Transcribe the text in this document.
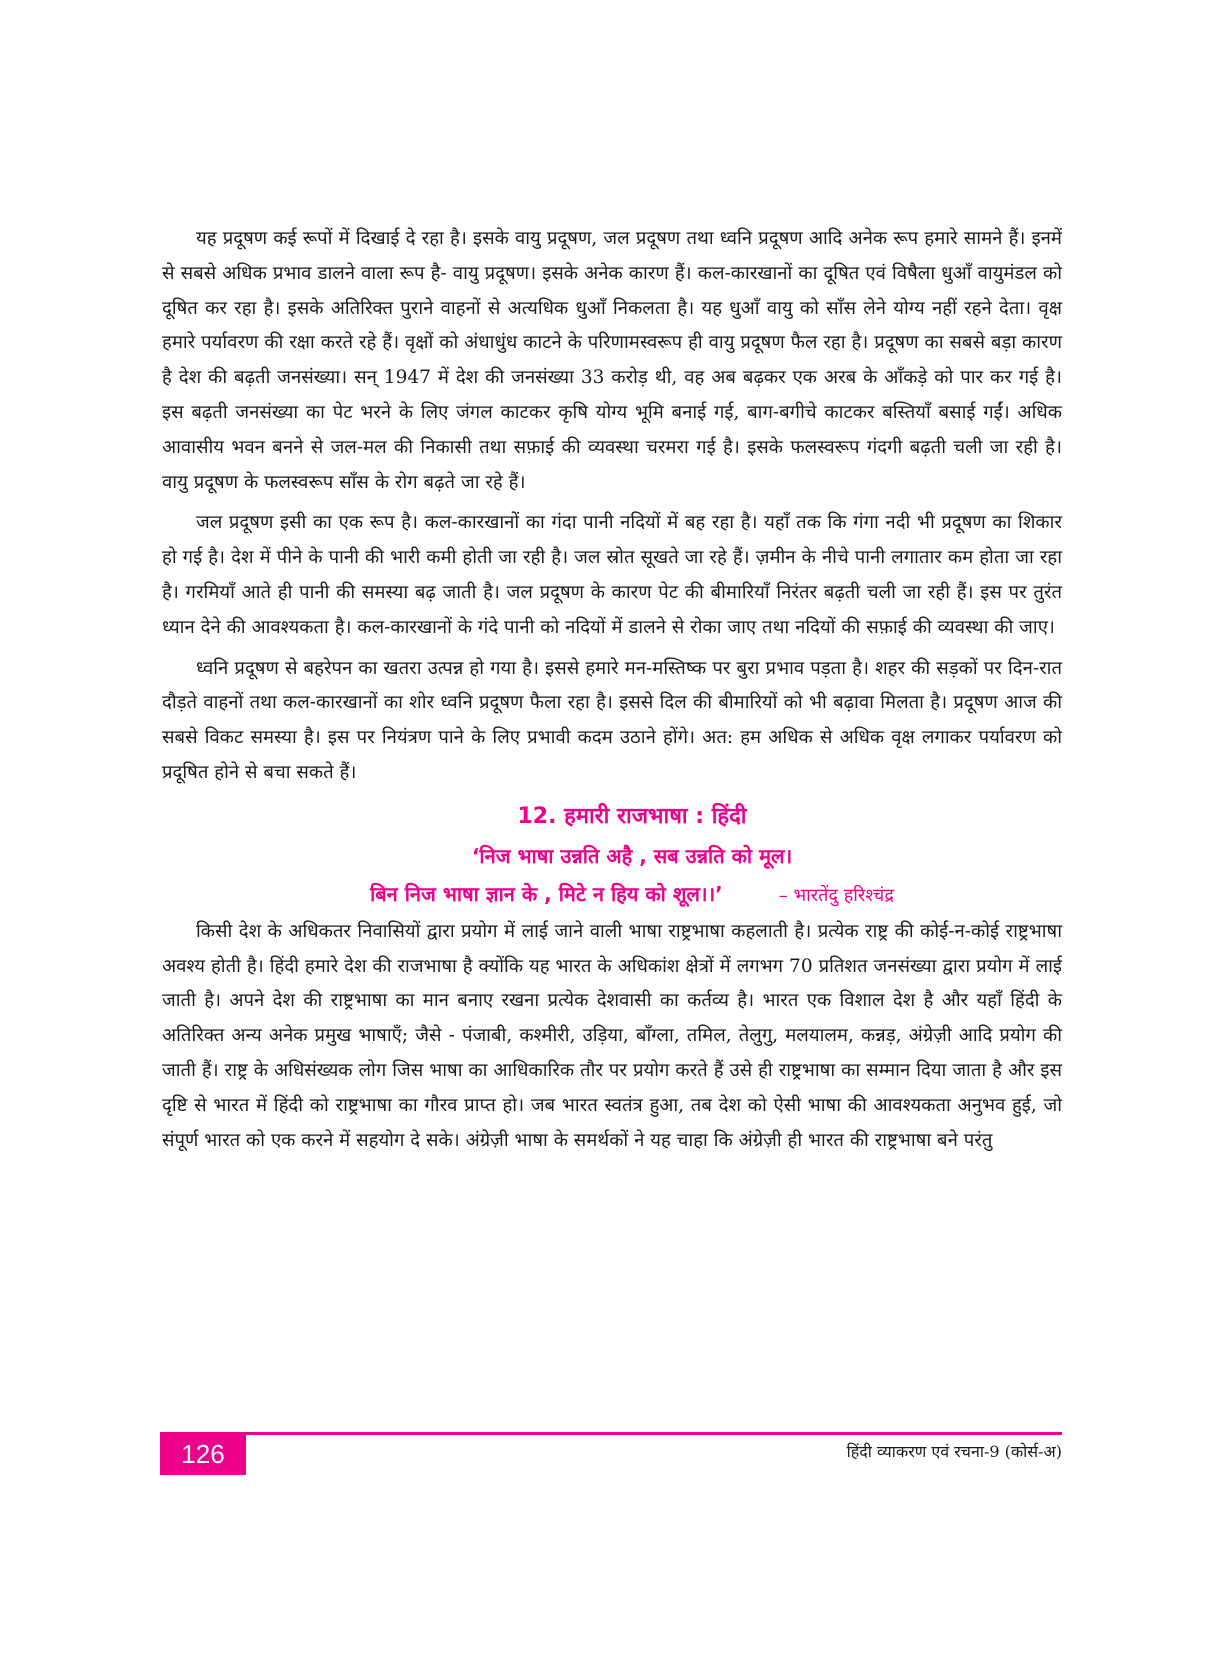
यह प्रदूषण कई रूपों में दिखाई दे रहा है। इसके वायु प्रदूषण, जल प्रदूषण तथा ध्वनि प्रदूषण आदि अनेक रूप हमारे सामने हैं। इनमें से सबसे अधिक प्रभाव डालने वाला रूप है- वायु प्रदूषण। इसके अनेक कारण हैं। कल-कारखानों का दूषित एवं विषैला धुआँ वायुमंडल को दूषित कर रहा है। इसके अतिरिक्त पुराने वाहनों से अत्यधिक धुआँ निकलता है। यह धुआँ वायु को साँस लेने योग्य नहीं रहने देता। वृक्ष हमारे पर्यावरण की रक्षा करते रहे हैं। वृक्षों को अंधाधुंध काटने के परिणामस्वरूप ही वायु प्रदूषण फैल रहा है। प्रदूषण का सबसे बड़ा कारण है देश की बढ़ती जनसंख्या। सन् 1947 में देश की जनसंख्या 33 करोड़ थी, वह अब बढ़कर एक अरब के आँकड़े को पार कर गई है। इस बढ़ती जनसंख्या का पेट भरने के लिए जंगल काटकर कृषि योग्य भूमि बनाई गई, बाग-बगीचे काटकर बस्तियाँ बसाई गईं। अधिक आवासीय भवन बनने से जल-मल की निकासी तथा सफ़ाई की व्यवस्था चरमरा गई है। इसके फलस्वरूप गंदगी बढ़ती चली जा रही है। वायु प्रदूषण के फलस्वरूप साँस के रोग बढ़ते जा रहे हैं।

जल प्रदूषण इसी का एक रूप है। कल-कारखानों का गंदा पानी नदियों में बह रहा है। यहाँ तक कि गंगा नदी भी प्रदूषण का शिकार हो गई है। देश में पीने के पानी की भारी कमी होती जा रही है। जल स्रोत सूखते जा रहे हैं। ज़मीन के नीचे पानी लगातार कम होता जा रहा है। गरमियाँ आते ही पानी की समस्या बढ़ जाती है। जल प्रदूषण के कारण पेट की बीमारियाँ निरंतर बढ़ती चली जा रही हैं। इस पर तुरंत ध्यान देने की आवश्यकता है। कल-कारखानों के गंदे पानी को नदियों में डालने से रोका जाए तथा नदियों की सफ़ाई की व्यवस्था की जाए।

ध्वनि प्रदूषण से बहरेपन का खतरा उत्पन्न हो गया है। इससे हमारे मन-मस्तिष्क पर बुरा प्रभाव पड़ता है। शहर की सड़कों पर दिन-रात दौड़ते वाहनों तथा कल-कारखानों का शोर ध्वनि प्रदूषण फैला रहा है। इससे दिल की बीमारियों को भी बढ़ावा मिलता है। प्रदूषण आज की सबसे विकट समस्या है। इस पर नियंत्रण पाने के लिए प्रभावी कदम उठाने होंगे। अत: हम अधिक से अधिक वृक्ष लगाकर पर्यावरण को प्रदूषित होने से बचा सकते हैं।

12. हमारी राजभाषा : हिंदी
‘निज भाषा उन्नति अहै , सब उन्नति को मूल।
बिन निज भाषा ज्ञान के , मिटे न हिय को शूल।।’	– भारतेंदु हरिश्चंद्र

किसी देश के अधिकतर निवासियों द्वारा प्रयोग में लाई जाने वाली भाषा राष्ट्रभाषा कहलाती है। प्रत्येक राष्ट्र की कोई-न-कोई राष्ट्रभाषा अवश्य होती है। हिंदी हमारे देश की राजभाषा है क्योंकि यह भारत के अधिकांश क्षेत्रों में लगभग 70 प्रतिशत जनसंख्या द्वारा प्रयोग में लाई जाती है। अपने देश की राष्ट्रभाषा का मान बनाए रखना प्रत्येक देशवासी का कर्तव्य है। भारत एक विशाल देश है और यहाँ हिंदी के अतिरिक्त अन्य अनेक प्रमुख भाषाएँ; जैसे - पंजाबी, कश्मीरी, उड़िया, बाँग्ला, तमिल, तेलुगु, मलयालम, कन्नड़, अंग्रेज़ी आदि प्रयोग की जाती हैं। राष्ट्र के अधिसंख्यक लोग जिस भाषा का आधिकारिक तौर पर प्रयोग करते हैं उसे ही राष्ट्रभाषा का सम्मान दिया जाता है और इस दृष्टि से भारत में हिंदी को राष्ट्रभाषा का गौरव प्राप्त हो। जब भारत स्वतंत्र हुआ, तब देश को ऐसी भाषा की आवश्यकता अनुभव हुई, जो संपूर्ण भारत को एक करने में सहयोग दे सके। अंग्रेज़ी भाषा के समर्थकों ने यह चाहा कि अंग्रेज़ी ही भारत की राष्ट्रभाषा बने परंतु

126	हिंदी व्याकरण एवं रचना-9 (कोर्स-अ)
